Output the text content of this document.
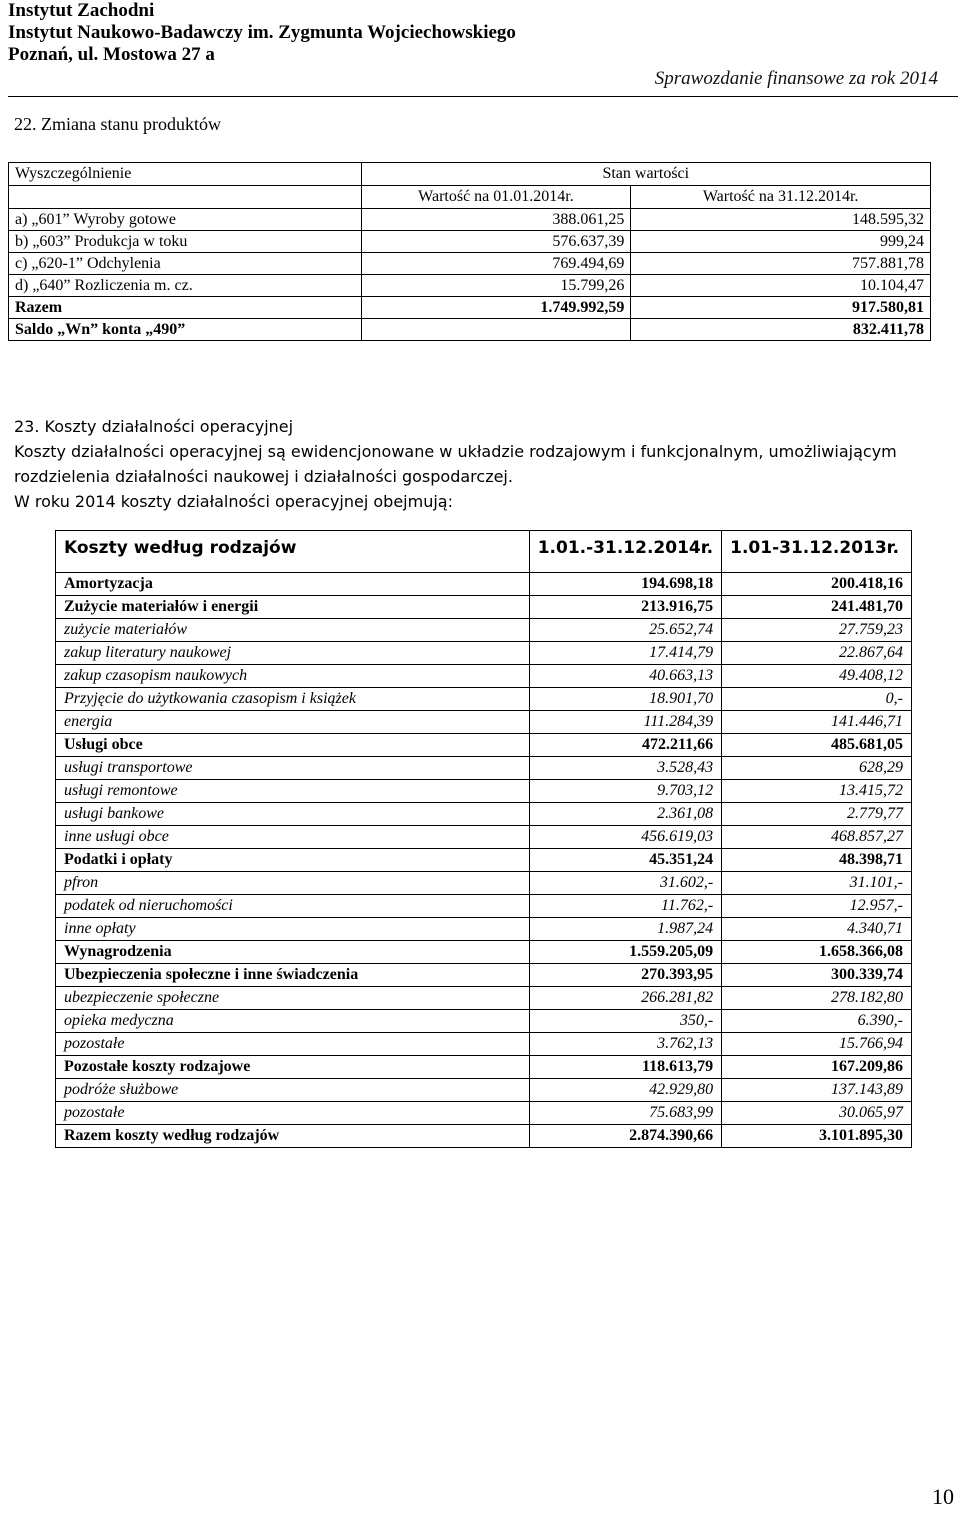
Instytut Zachodni
Instytut Naukowo-Badawczy im. Zygmunta Wojciechowskiego
Poznań, ul. Mostowa 27 a
Sprawozdanie finansowe za rok 2014
22. Zmiana stanu produktów
Wyszczególnienie	Stan wartości	
	Wartość na 01.01.2014r.	Wartość na 31.12.2014r.
a) „601” Wyroby gotowe	388.061,25	148.595,32
b) „603” Produkcja w toku	576.637,39	999,24
c) „620-1” Odchylenia	769.494,69	757.881,78
d) „640” Rozliczenia m. cz.	15.799,26	10.104,47
Razem	1.749.992,59	917.580,81
Saldo „Wn” konta „490”		832.411,78
23. Koszty działalności operacyjnej
Koszty działalności operacyjnej są ewidencjonowane w układzie rodzajowym i funkcjonalnym, umożliwiającym rozdzielenia działalności naukowej i działalności gospodarczej.
W roku 2014 koszty działalności operacyjnej obejmują:
Koszty według rodzajów	1.01.-31.12.2014r.	1.01-31.12.2013r.
Amortyzacja	194.698,18	200.418,16
Zużycie materiałów i energii	213.916,75	241.481,70
zużycie materiałów	25.652,74	27.759,23
zakup literatury naukowej	17.414,79	22.867,64
zakup czasopism naukowych	40.663,13	49.408,12
Przyjęcie do użytkowania czasopism i książek	18.901,70	0,-
energia	111.284,39	141.446,71
Usługi obce	472.211,66	485.681,05
usługi transportowe	3.528,43	628,29
usługi remontowe	9.703,12	13.415,72
usługi bankowe	2.361,08	2.779,77
inne usługi obce	456.619,03	468.857,27
Podatki i opłaty	45.351,24	48.398,71
pfron	31.602,-	31.101,-
podatek od nieruchomości	11.762,-	12.957,-
inne opłaty	1.987,24	4.340,71
Wynagrodzenia	1.559.205,09	1.658.366,08
Ubezpieczenia społeczne i inne świadczenia	270.393,95	300.339,74
ubezpieczenie społeczne	266.281,82	278.182,80
opieka medyczna	350,-	6.390,-
pozostałe	3.762,13	15.766,94
Pozostałe koszty rodzajowe	118.613,79	167.209,86
podróże służbowe	42.929,80	137.143,89
pozostałe	75.683,99	30.065,97
Razem koszty według rodzajów	2.874.390,66	3.101.895,30
10
